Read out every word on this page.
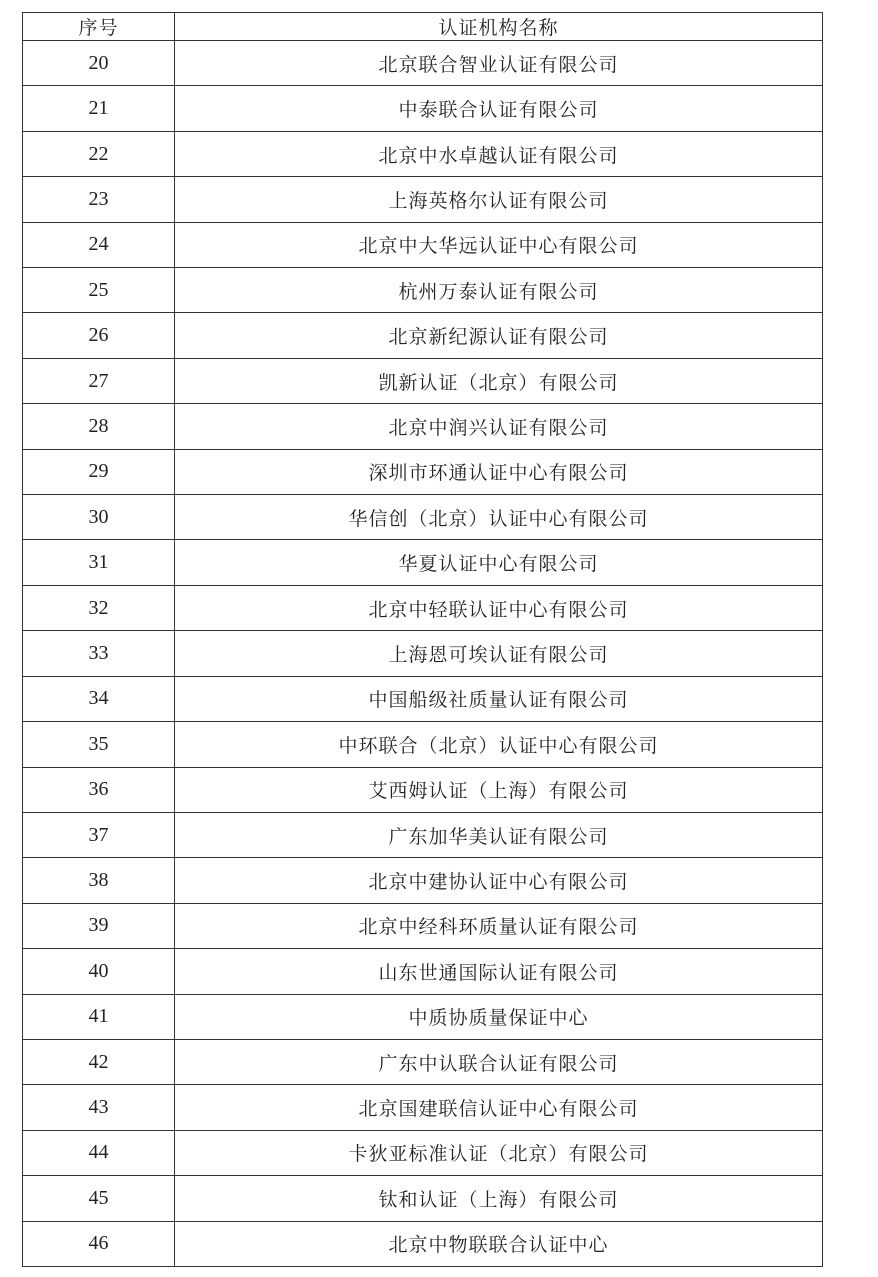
序号	认证机构名称
20	北京联合智业认证有限公司
21	中泰联合认证有限公司
22	北京中水卓越认证有限公司
23	上海英格尔认证有限公司
24	北京中大华远认证中心有限公司
25	杭州万泰认证有限公司
26	北京新纪源认证有限公司
27	凯新认证（北京）有限公司
28	北京中润兴认证有限公司
29	深圳市环通认证中心有限公司
30	华信创（北京）认证中心有限公司
31	华夏认证中心有限公司
32	北京中轻联认证中心有限公司
33	上海恩可埃认证有限公司
34	中国船级社质量认证有限公司
35	中环联合（北京）认证中心有限公司
36	艾西姆认证（上海）有限公司
37	广东加华美认证有限公司
38	北京中建协认证中心有限公司
39	北京中经科环质量认证有限公司
40	山东世通国际认证有限公司
41	中质协质量保证中心
42	广东中认联合认证有限公司
43	北京国建联信认证中心有限公司
44	卡狄亚标准认证（北京）有限公司
45	钛和认证（上海）有限公司
46	北京中物联联合认证中心
